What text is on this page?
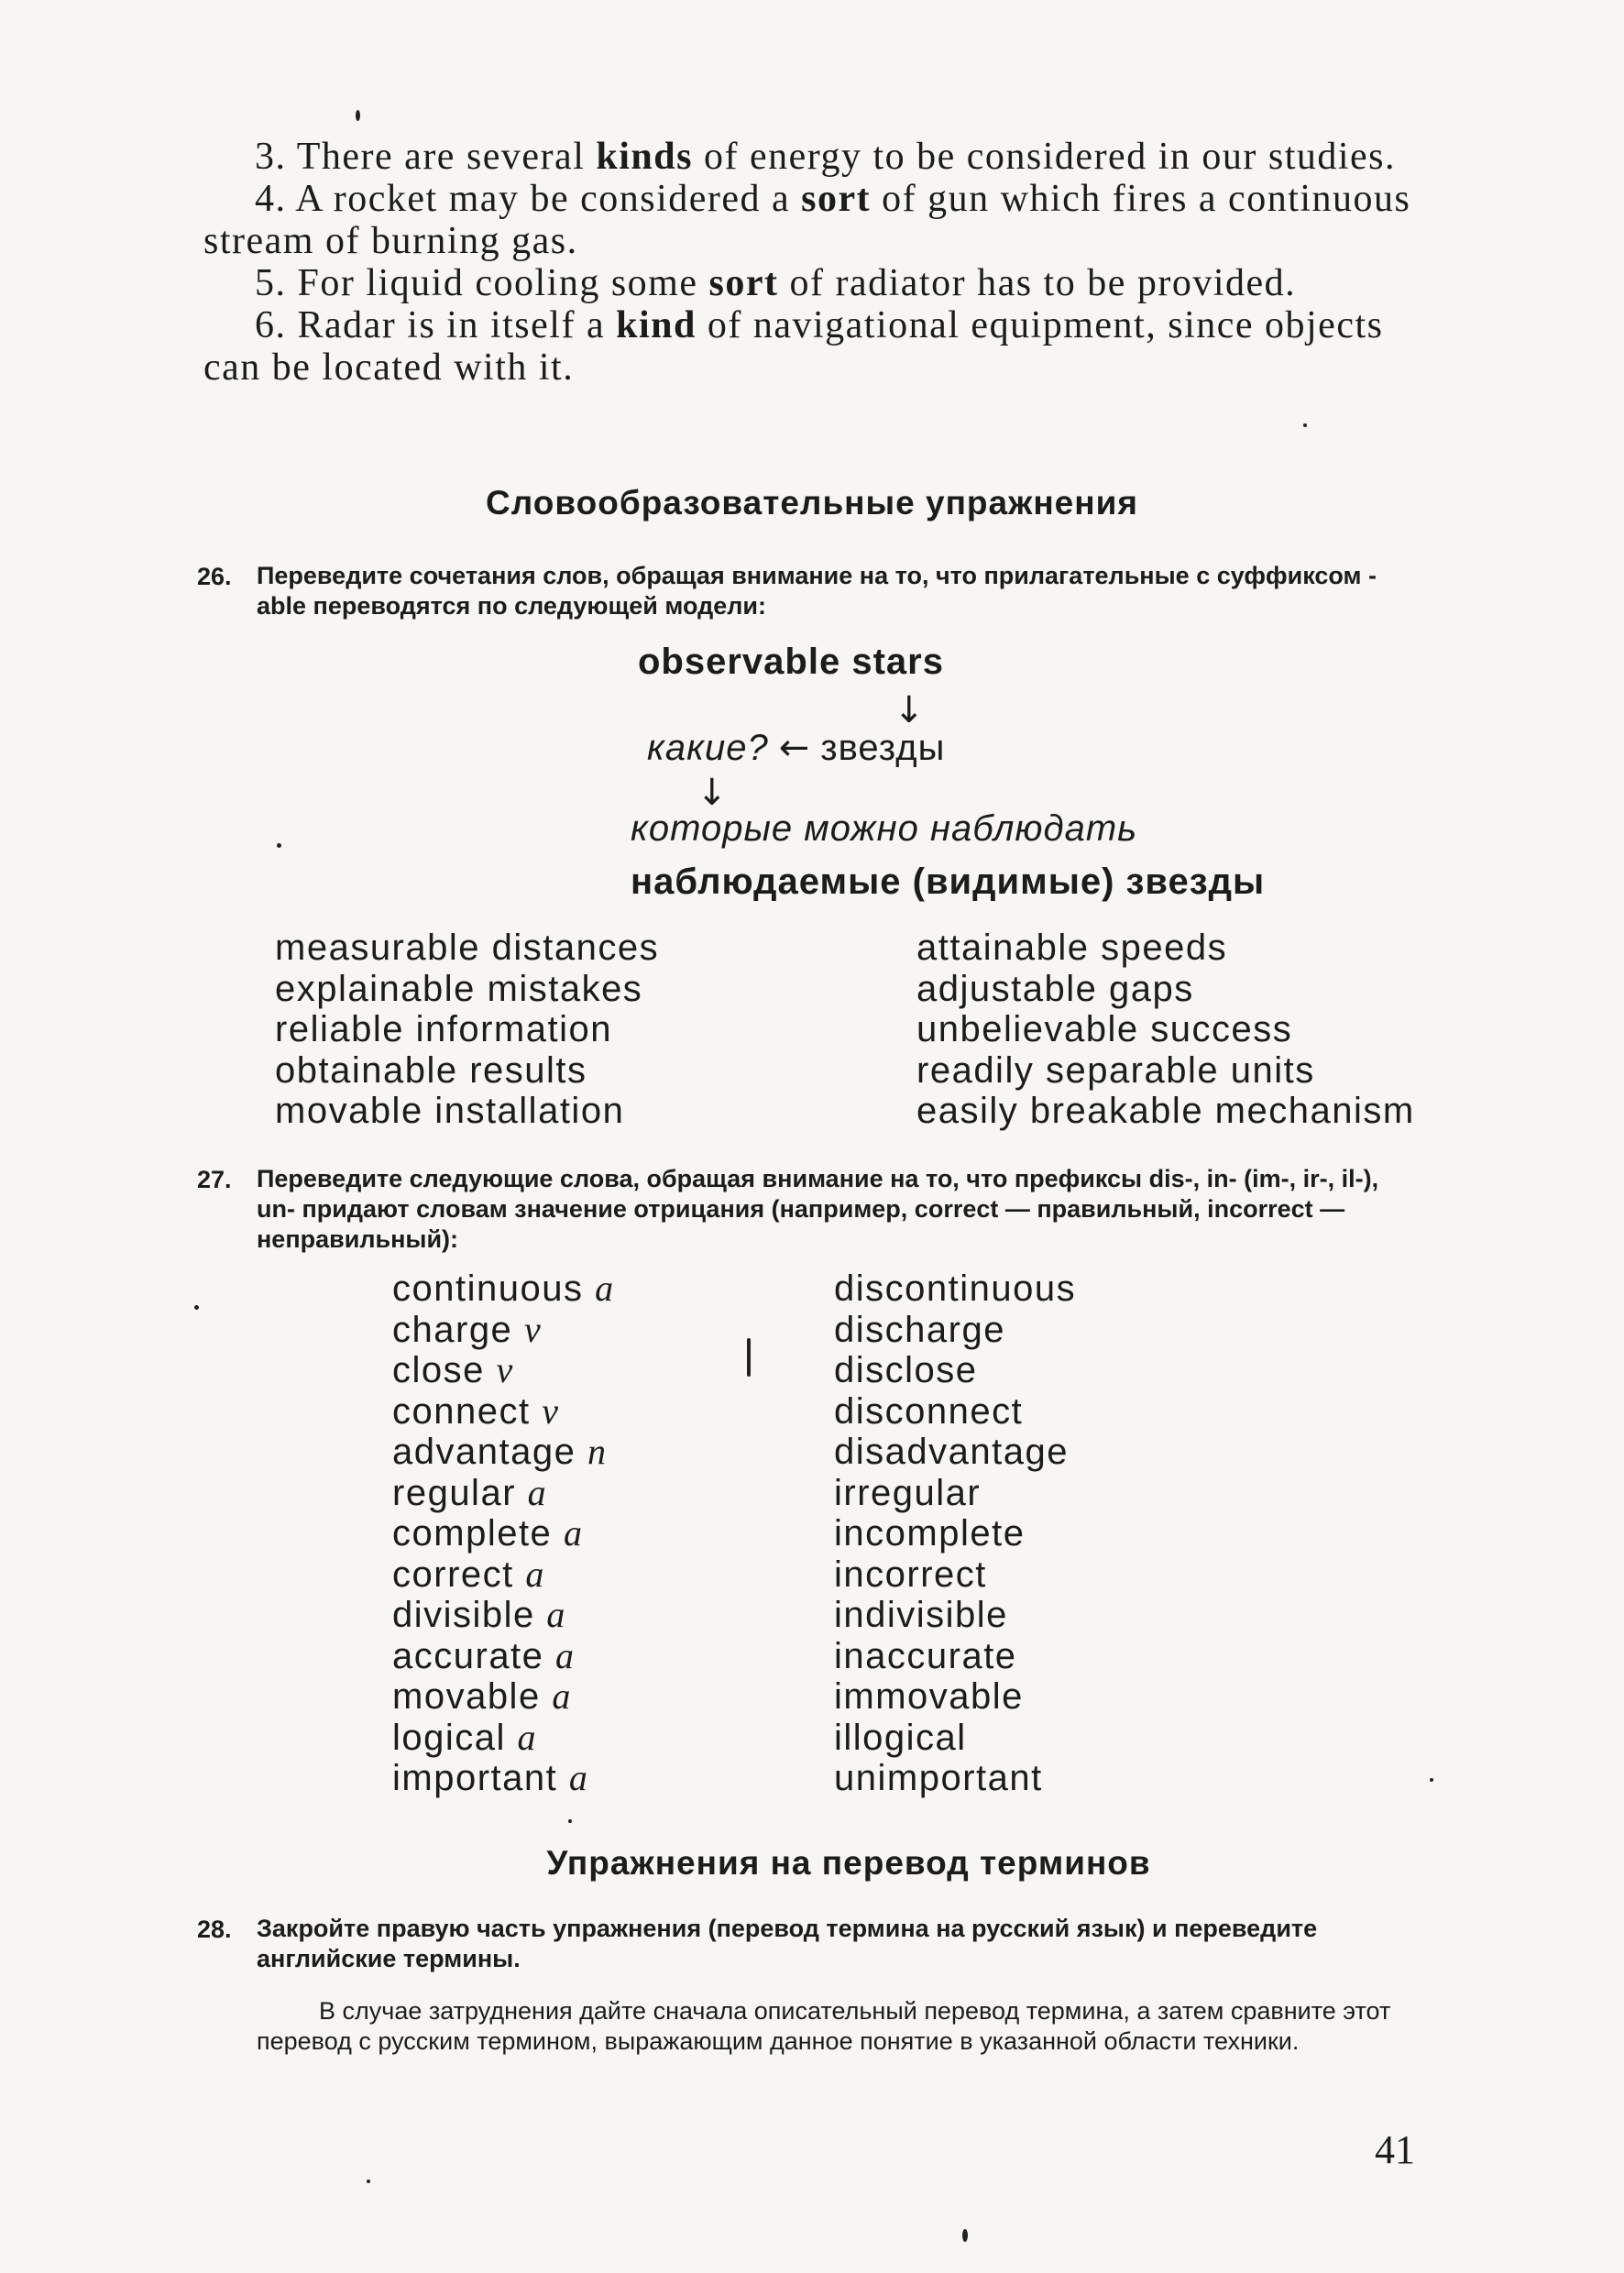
3. There are several kinds of energy to be considered in our studies.
4. A rocket may be considered a sort of gun which fires a continuous stream of burning gas.
5. For liquid cooling some sort of radiator has to be provided.
6. Radar is in itself a kind of navigational equipment, since objects can be located with it.
Словообразовательные упражнения
26. Переведите сочетания слов, обращая внимание на то, что прилагательные с суффиксом -able переводятся по следующей модели:
observable stars
↓
какие? ← звезды
↓
которые можно наблюдать
наблюдаемые (видимые) звезды
measurable distances
explainable mistakes
reliable information
obtainable results
movable installation
attainable speeds
adjustable gaps
unbelievable success
readily separable units
easily breakable mechanism
27. Переведите следующие слова, обращая внимание на то, что префиксы dis-, in- (im-, ir-, il-), un- придают словам значение отрицания (например, correct — правильный, incorrect — неправильный):
continuous a
charge v
close v
connect v
advantage n
regular a
complete a
correct a
divisible a
accurate a
movable a
logical a
important a
discontinuous
discharge
disclose
disconnect
disadvantage
irregular
incomplete
incorrect
indivisible
inaccurate
immovable
illogical
unimportant
Упражнения на перевод терминов
28. Закройте правую часть упражнения (перевод термина на русский язык) и переведите английские термины.
В случае затруднения дайте сначала описательный перевод термина, а затем сравните этот перевод с русским термином, выражающим данное понятие в указанной области техники.
41
